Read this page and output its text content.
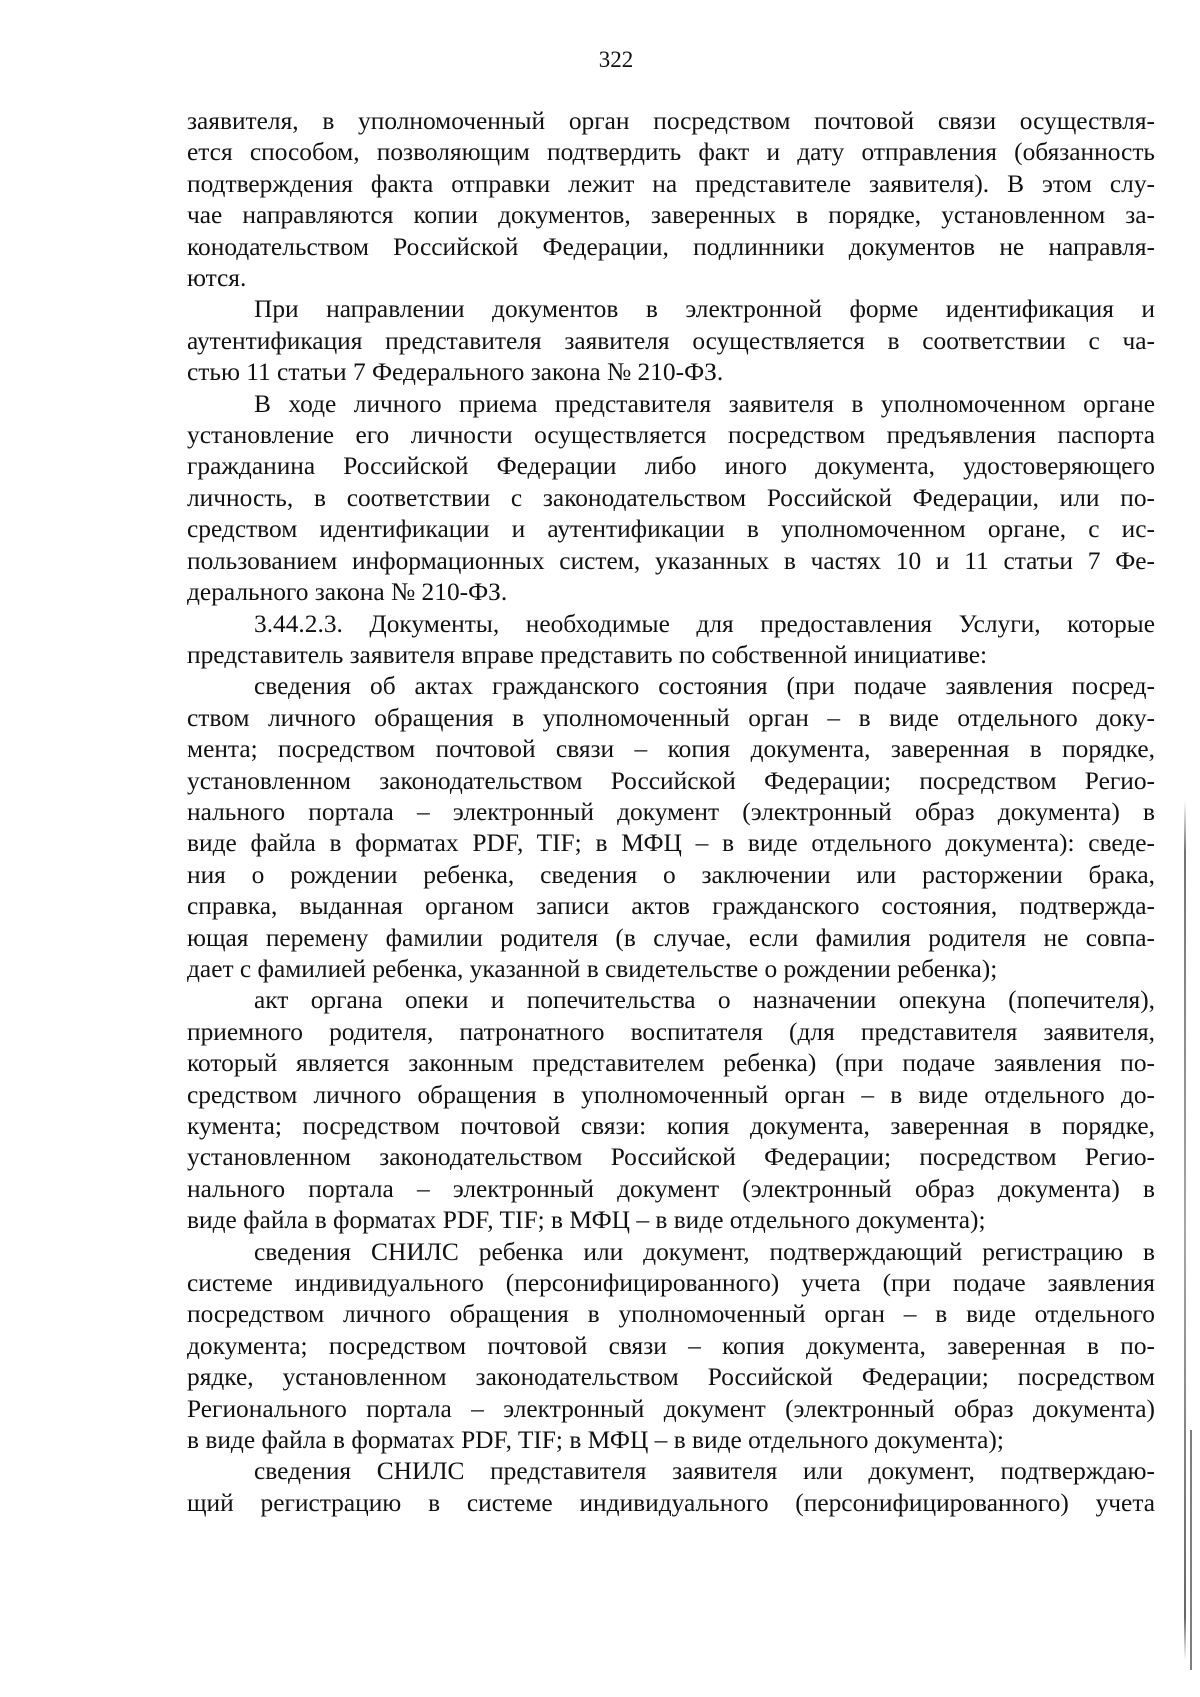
322
заявителя, в уполномоченный орган посредством почтовой связи осуществля-
ется способом, позволяющим подтвердить факт и дату отправления (обязанность
подтверждения факта отправки лежит на представителе заявителя). В этом слу-
чае направляются копии документов, заверенных в порядке, установленном за-
конодательством Российской Федерации, подлинники документов не направля-
ются.
При направлении документов в электронной форме идентификация и
аутентификация представителя заявителя осуществляется в соответствии с ча-
стью 11 статьи 7 Федерального закона № 210-ФЗ.
В ходе личного приема представителя заявителя в уполномоченном органе
установление его личности осуществляется посредством предъявления паспорта
гражданина Российской Федерации либо иного документа, удостоверяющего
личность, в соответствии с законодательством Российской Федерации, или по-
средством идентификации и аутентификации в уполномоченном органе, с ис-
пользованием информационных систем, указанных в частях 10 и 11 статьи 7 Фе-
дерального закона № 210-ФЗ.
3.44.2.3. Документы, необходимые для предоставления Услуги, которые
представитель заявителя вправе представить по собственной инициативе:
сведения об актах гражданского состояния (при подаче заявления посред-
ством личного обращения в уполномоченный орган – в виде отдельного доку-
мента; посредством почтовой связи – копия документа, заверенная в порядке,
установленном законодательством Российской Федерации; посредством Регио-
нального портала – электронный документ (электронный образ документа) в
виде файла в форматах PDF, TIF; в МФЦ – в виде отдельного документа): сведе-
ния о рождении ребенка, сведения о заключении или расторжении брака,
справка, выданная органом записи актов гражданского состояния, подтвержда-
ющая перемену фамилии родителя (в случае, если фамилия родителя не совпа-
дает с фамилией ребенка, указанной в свидетельстве о рождении ребенка);
акт органа опеки и попечительства о назначении опекуна (попечителя),
приемного родителя, патронатного воспитателя (для представителя заявителя,
который является законным представителем ребенка) (при подаче заявления по-
средством личного обращения в уполномоченный орган – в виде отдельного до-
кумента; посредством почтовой связи: копия документа, заверенная в порядке,
установленном законодательством Российской Федерации; посредством Регио-
нального портала – электронный документ (электронный образ документа) в
виде файла в форматах PDF, TIF; в МФЦ – в виде отдельного документа);
сведения СНИЛС ребенка или документ, подтверждающий регистрацию в
системе индивидуального (персонифицированного) учета (при подаче заявления
посредством личного обращения в уполномоченный орган – в виде отдельного
документа; посредством почтовой связи – копия документа, заверенная в по-
рядке, установленном законодательством Российской Федерации; посредством
Регионального портала – электронный документ (электронный образ документа)
в виде файла в форматах PDF, TIF; в МФЦ – в виде отдельного документа);
сведения СНИЛС представителя заявителя или документ, подтверждаю-
щий регистрацию в системе индивидуального (персонифицированного) учета
